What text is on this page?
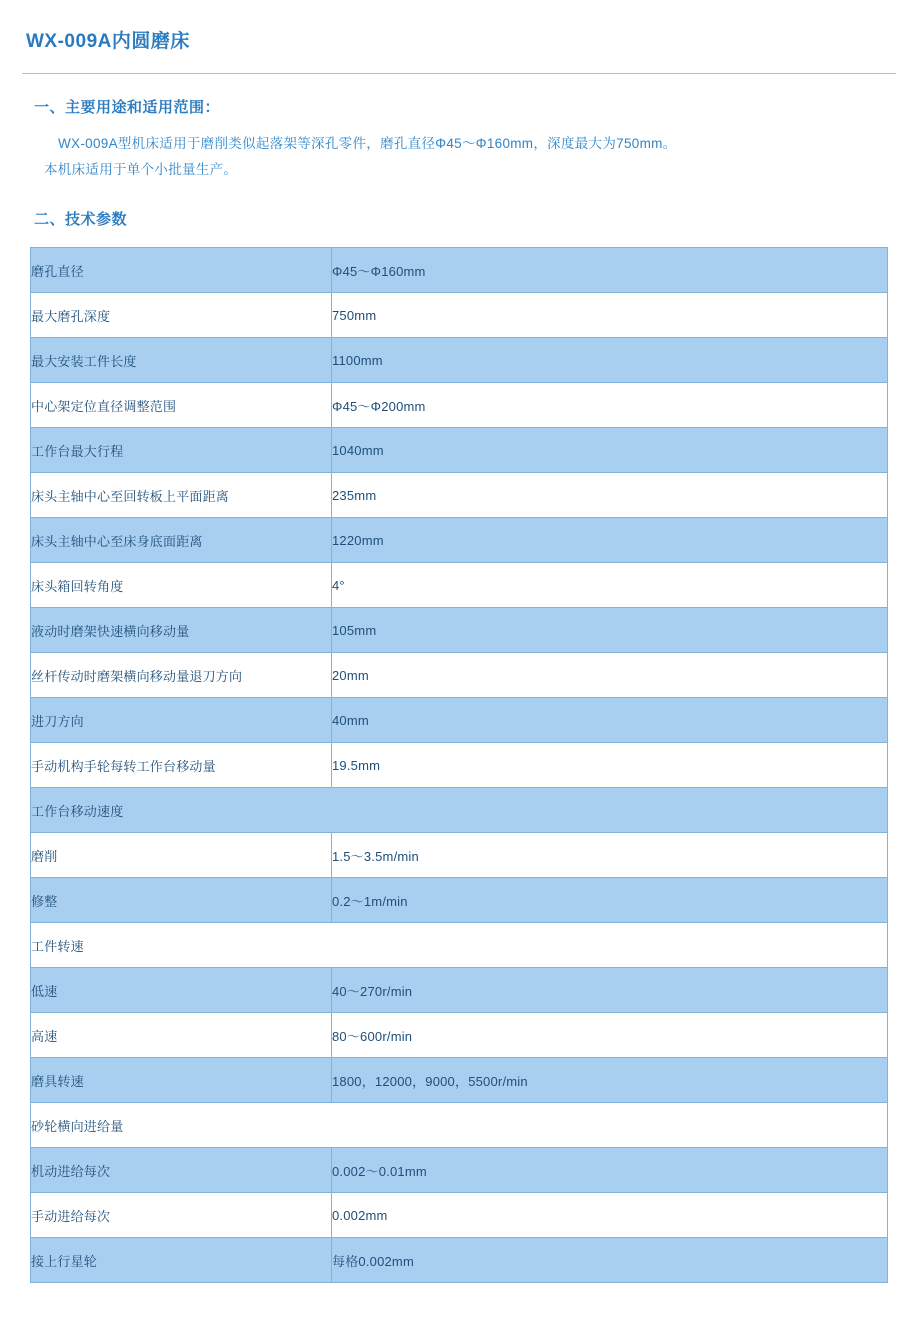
WX-009A内圆磨床
一、主要用途和适用范围：
WX-009A型机床适用于磨削类似起落架等深孔零件，磨孔直径Φ45～Φ160mm，深度最大为750mm。
本机床适用于单个小批量生产。
二、技术参数
磨孔直径	Φ45～Φ160mm
最大磨孔深度	750mm
最大安装工件长度	1100mm
中心架定位直径调整范围	Φ45～Φ200mm
工作台最大行程	1040mm
床头主轴中心至回转板上平面距离	235mm
床头主轴中心至床身底面距离	1220mm
床头箱回转角度	4°
液动时磨架快速横向移动量	105mm
丝杆传动时磨架横向移动量退刀方向	20mm
进刀方向	40mm
手动机构手轮每转工作台移动量	19.5mm
工作台移动速度	
磨削	1.5～3.5m/min
修整	0.2～1m/min
工件转速	
低速	40～270r/min
高速	80～600r/min
磨具转速	1800，12000，9000，5500r/min
砂轮横向进给量	
机动进给每次	0.002～0.01mm
手动进给每次	0.002mm
接上行星轮	每格0.002mm
